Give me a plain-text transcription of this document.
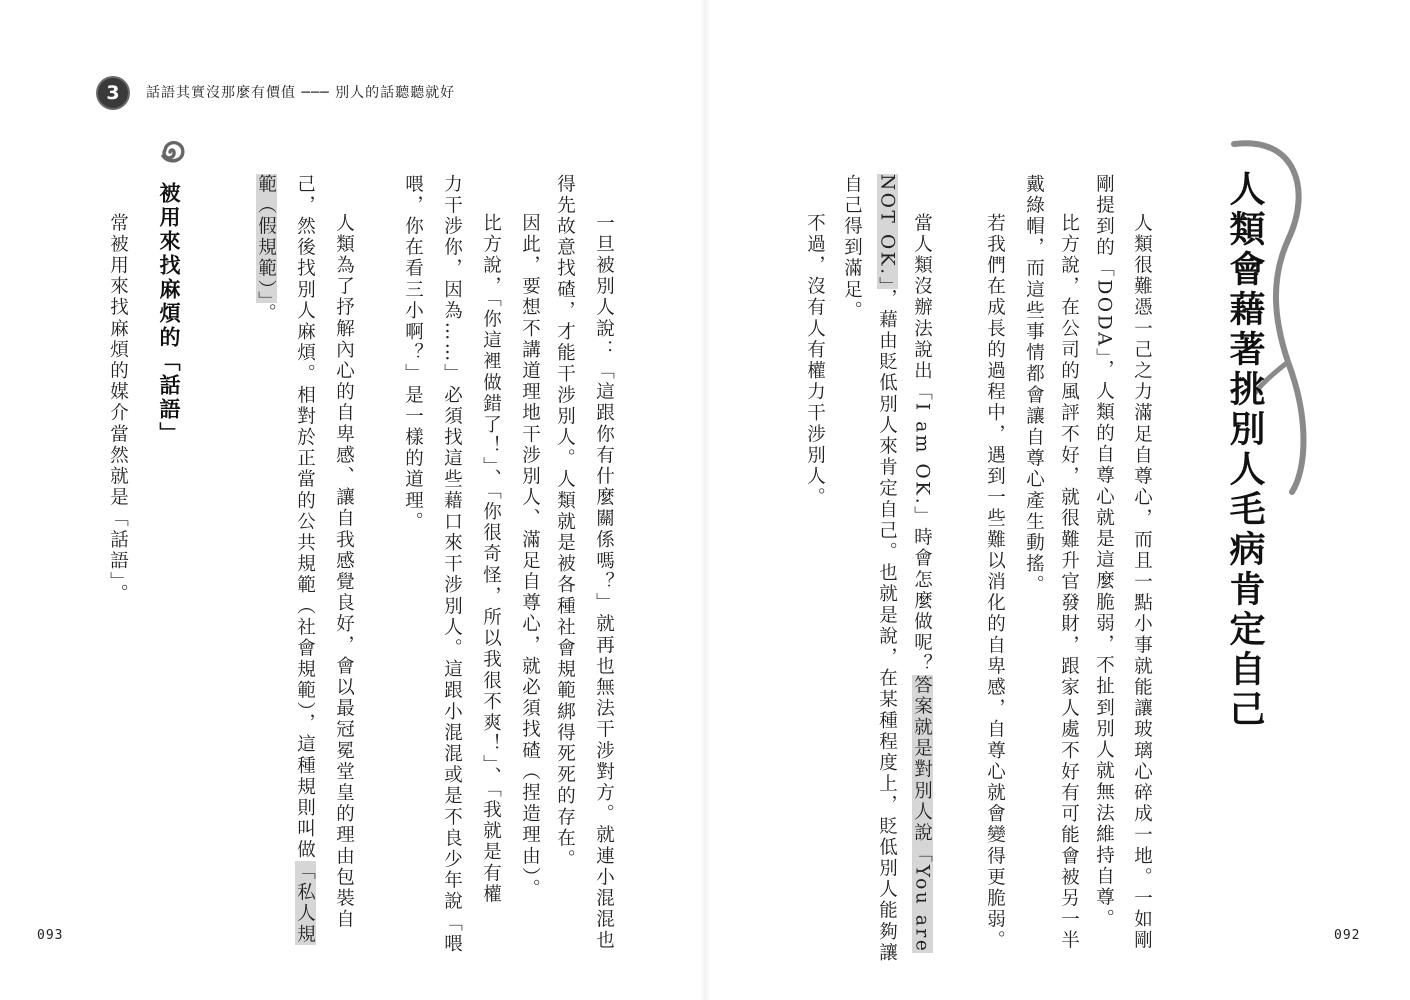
3	話語其實沒那麼有價值 ─── 別人的話聽聽就好
被用來找麻煩的「話語」
常被用來找麻煩的媒介當然就是「話語」。	範（假規範）」。 己，然後找別人麻煩。相對於正當的公共規範（社會規範），這種規則叫做「私人規 人類為了抒解內心的自卑感、讓自我感覺良好，會以最冠冕堂皇的理由包裝自	喂，你在看三小啊？」是一樣的道理。 力干涉你，因為……」必須找這些藉口來干涉別人。這跟小混混或是不良少年說「喂 比方說，「你這裡做錯了！」、「你很奇怪，所以我很不爽！」、「我就是有權 因此，要想不講道理地干涉別人、滿足自尊心，就必須找碴（捏造理由）。 得先故意找碴，才能干涉別人。人類就是被各種社會規範綁得死死的存在。 一旦被別人說：「這跟你有什麼關係嗎？」就再也無法干涉對方。就連小混混也
093
人類會藉著挑別人毛病肯定自己
人類很難憑一己之力滿足自尊心，而且一點小事就能讓玻璃心碎成一地。一如剛
剛提到的「DODA」，人類的自尊心就是這麼脆弱，不扯到別人就無法維持自尊。
比方說，在公司的風評不好，就很難升官發財，跟家人處不好有可能會被另一半
戴綠帽，而這些事情都會讓自尊心產生動搖。
若我們在成長的過程中，遇到一些難以消化的自卑感，自尊心就會變得更脆弱。
當人類沒辦法說出「I am OK.」時會怎麼做呢？答案就是對別人說「You are
NOT OK.」，藉由貶低別人來肯定自己。也就是說，在某種程度上，貶低別人能夠讓
自己得到滿足。
不過，沒有人有權力干涉別人。
092
